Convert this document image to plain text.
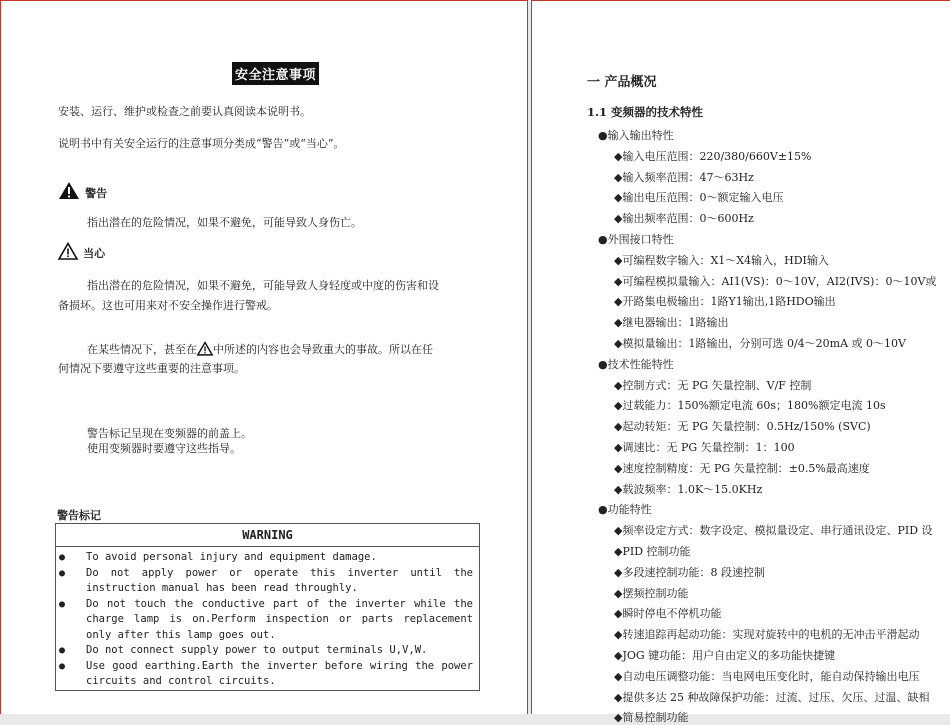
安全注意事项
安装、运行、维护或检查之前要认真阅读本说明书。
说明书中有关安全运行的注意事项分类成“警告”或“当心”。
警告
指出潜在的危险情况，如果不避免，可能导致人身伤亡。
当心
指出潜在的危险情况，如果不避免，可能导致人身轻度或中度的伤害和设
备损坏。这也可用来对不安全操作进行警戒。
在某些情况下，甚至在 中所述的内容也会导致重大的事故。所以在任
何情况下要遵守这些重要的注意事项。
警告标记呈现在变频器的前盖上。
使用变频器时要遵守这些指导。
警告标记
WARNING
● To avoid personal injury and equipment damage.
● Do not apply power or operate this inverter until the instruction manual has been read throughly.
● Do not touch the conductive part of the inverter while the charge lamp is on.Perform inspection or parts replacement only after this lamp goes out.
● Do not connect supply power to output terminals U,V,W.
● Use good earthing.Earth the inverter before wiring the power circuits and control circuits.
一 产品概况
1.1 变频器的技术特性
●输入输出特性
◆输入电压范围：220/380/660V±15%
◆输入频率范围：47～63Hz
◆输出电压范围：0～额定输入电压
◆输出频率范围：0～600Hz
●外围接口特性
◆可编程数字输入：X1～X4输入，HDI输入
◆可编程模拟量输入：AI1(VS)：0～10V，AI2(IVS)：0～10V或
◆开路集电极输出：1路Y1输出,1路HDO输出
◆继电器输出：1路输出
◆模拟量输出：1路输出，分别可选 0/4～20mA 或 0～10V
●技术性能特性
◆控制方式：无 PG 矢量控制、V/F 控制
◆过载能力：150%额定电流 60s；180%额定电流 10s
◆起动转矩：无 PG 矢量控制：0.5Hz/150% (SVC)
◆调速比：无 PG 矢量控制：1：100
◆速度控制精度：无 PG 矢量控制：±0.5%最高速度
◆载波频率：1.0K～15.0KHz
●功能特性
◆频率设定方式：数字设定、模拟量设定、串行通讯设定、PID 设
◆PID 控制功能
◆多段速控制功能：8 段速控制
◆摆频控制功能
◆瞬时停电不停机功能
◆转速追踪再起动功能：实现对旋转中的电机的无冲击平滑起动
◆JOG 键功能：用户自由定义的多功能快捷键
◆自动电压调整功能：当电网电压变化时，能自动保持输出电压
◆提供多达 25 种故障保护功能：过流、过压、欠压、过温、缺相
◆简易控制功能
